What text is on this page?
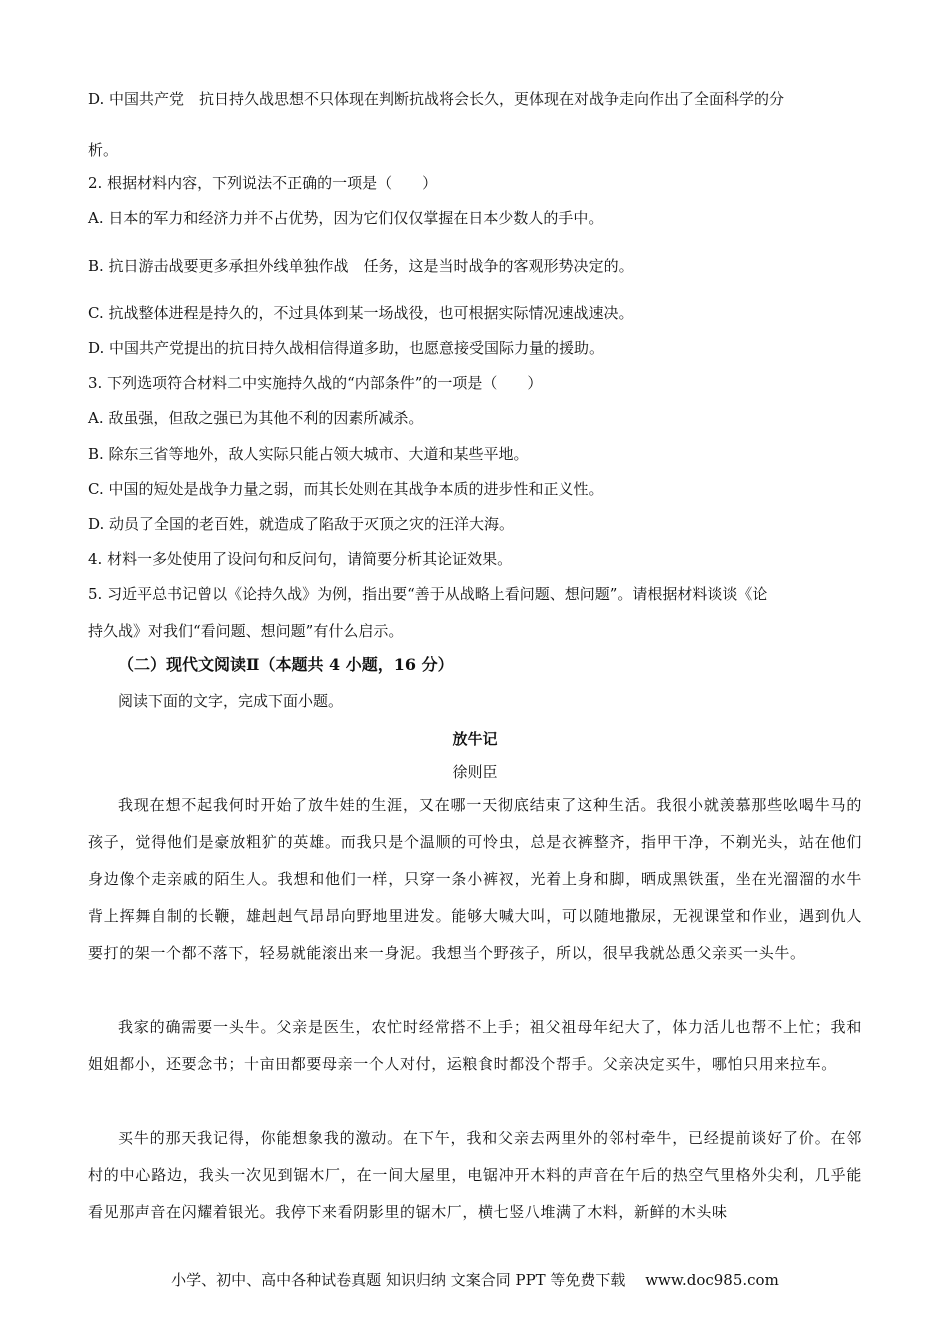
D. 中国共产党　抗日持久战思想不只体现在判断抗战将会长久，更体现在对战争走向作出了全面科学的分
析。
2. 根据材料内容，下列说法不正确的一项是（　　）
A. 日本的军力和经济力并不占优势，因为它们仅仅掌握在日本少数人的手中。
B. 抗日游击战要更多承担外线单独作战　任务，这是当时战争的客观形势决定的。
C. 抗战整体进程是持久的，不过具体到某一场战役，也可根据实际情况速战速决。
D. 中国共产党提出的抗日持久战相信得道多助，也愿意接受国际力量的援助。
3. 下列选项符合材料二中实施持久战的“内部条件”的一项是（　　）
A. 敌虽强，但敌之强已为其他不利的因素所减杀。
B. 除东三省等地外，敌人实际只能占领大城市、大道和某些平地。
C. 中国的短处是战争力量之弱，而其长处则在其战争本质的进步性和正义性。
D. 动员了全国的老百姓，就造成了陷敌于灭顶之灾的汪洋大海。
4. 材料一多处使用了设问句和反问句，请简要分析其论证效果。
5. 习近平总书记曾以《论持久战》为例，指出要“善于从战略上看问题、想问题”。请根据材料谈谈《论
持久战》对我们“看问题、想问题”有什么启示。
（二）现代文阅读Ⅱ（本题共 4 小题，16 分）
阅读下面的文字，完成下面小题。
放牛记
徐则臣

我现在想不起我何时开始了放牛娃的生涯，又在哪一天彻底结束了这种生活。我很小就羡慕那些吆喝牛马的孩子，觉得他们是豪放粗犷的英雄。而我只是个温顺的可怜虫，总是衣裤整齐，指甲干净，不剃光头，站在他们身边像个走亲戚的陌生人。我想和他们一样，只穿一条小裤衩，光着上身和脚，晒成黑铁蛋，坐在光溜溜的水牛背上挥舞自制的长鞭，雄赳赳气昂昂向野地里进发。能够大喊大叫，可以随地撒尿，无视课堂和作业，遇到仇人要打的架一个都不落下，轻易就能滚出来一身泥。我想当个野孩子，所以，很早我就怂恿父亲买一头牛。

我家的确需要一头牛。父亲是医生，农忙时经常搭不上手；祖父祖母年纪大了，体力活儿也帮不上忙；我和姐姐都小，还要念书；十亩田都要母亲一个人对付，运粮食时都没个帮手。父亲决定买牛，哪怕只用来拉车。

买牛的那天我记得，你能想象我的激动。在下午，我和父亲去两里外的邻村牵牛，已经提前谈好了价。在邻村的中心路边，我头一次见到锯木厂，在一间大屋里，电锯冲开木料的声音在午后的热空气里格外尖利，几乎能看见那声音在闪耀着银光。我停下来看阴影里的锯木厂，横七竖八堆满了木料，新鲜的木头味

小学、初中、高中各种试卷真题 知识归纳 文案合同 PPT 等免费下载　 www.doc985.com
